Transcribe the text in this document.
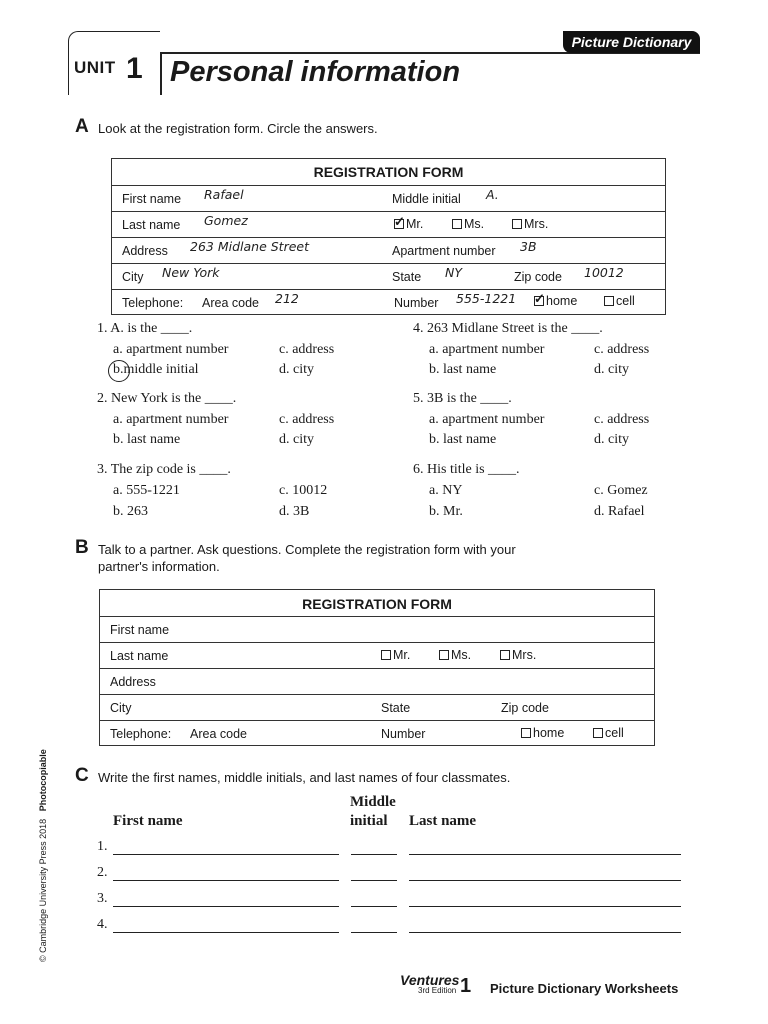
UNIT 1
Picture Dictionary
Personal information
A Look at the registration form. Circle the answers.
REGISTRATION FORM
First name Rafael	Middle initial A.
Last name Gomez ✓	Mr.	Ms.	Mrs.
Address 263 Midlane Street	Apartment number 3B
City New York	State NY	Zip code 10012
Telephone: Area code 212	Number 555-1221 ✓	home	cell
1. A. is the ____.
a. apartment number	c. address
b.middle initial	d. city
2. New York is the ____.
a. apartment number	c. address
b. last name	d. city
3. The zip code is ____.
a. 555-1221	c. 10012
b. 263	d. 3B
4. 263 Midlane Street is the ____.
a. apartment number	c. address
b. last name	d. city
5. 3B is the ____.
a. apartment number	c. address
b. last name	d. city
6. His title is ____.
a. NY	c. Gomez
b. Mr.	d. Rafael
B Talk to a partner. Ask questions. Complete the registration form with your
partner's information.
REGISTRATION FORM
First name
Last name	Mr.	Ms.	Mrs.
Address
City	State	Zip code
Telephone: Area code	Number	home	cell
C Write the first names, middle initials, and last names of four classmates.
Middle
First name	initial Last name
1.
2.
3.
4.
© Cambridge University Press 2018   Photocopiable
Ventures
3rd Edition 1 Picture Dictionary Worksheets
